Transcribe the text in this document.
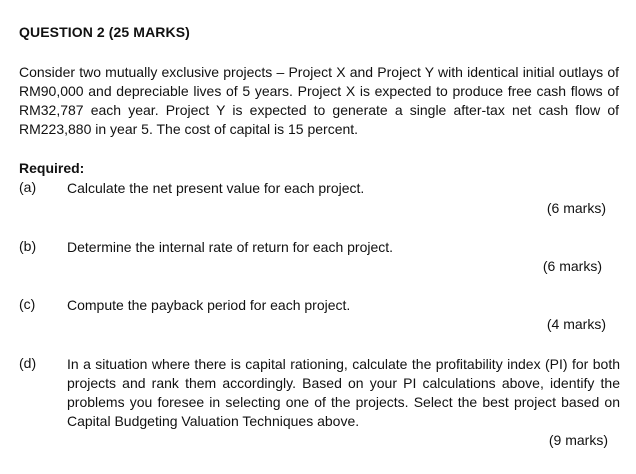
QUESTION 2 (25 MARKS)
Consider two mutually exclusive projects – Project X and Project Y with identical initial outlays of RM90,000 and depreciable lives of 5 years. Project X is expected to produce free cash flows of RM32,787 each year. Project Y is expected to generate a single after-tax net cash flow of RM223,880 in year 5. The cost of capital is 15 percent.
Required:
(a) Calculate the net present value for each project.
(6 marks)
(b) Determine the internal rate of return for each project.
(6 marks)
(c) Compute the payback period for each project.
(4 marks)
(d) In a situation where there is capital rationing, calculate the profitability index (PI) for both projects and rank them accordingly. Based on your PI calculations above, identify the problems you foresee in selecting one of the projects. Select the best project based on Capital Budgeting Valuation Techniques above.
(9 marks)
